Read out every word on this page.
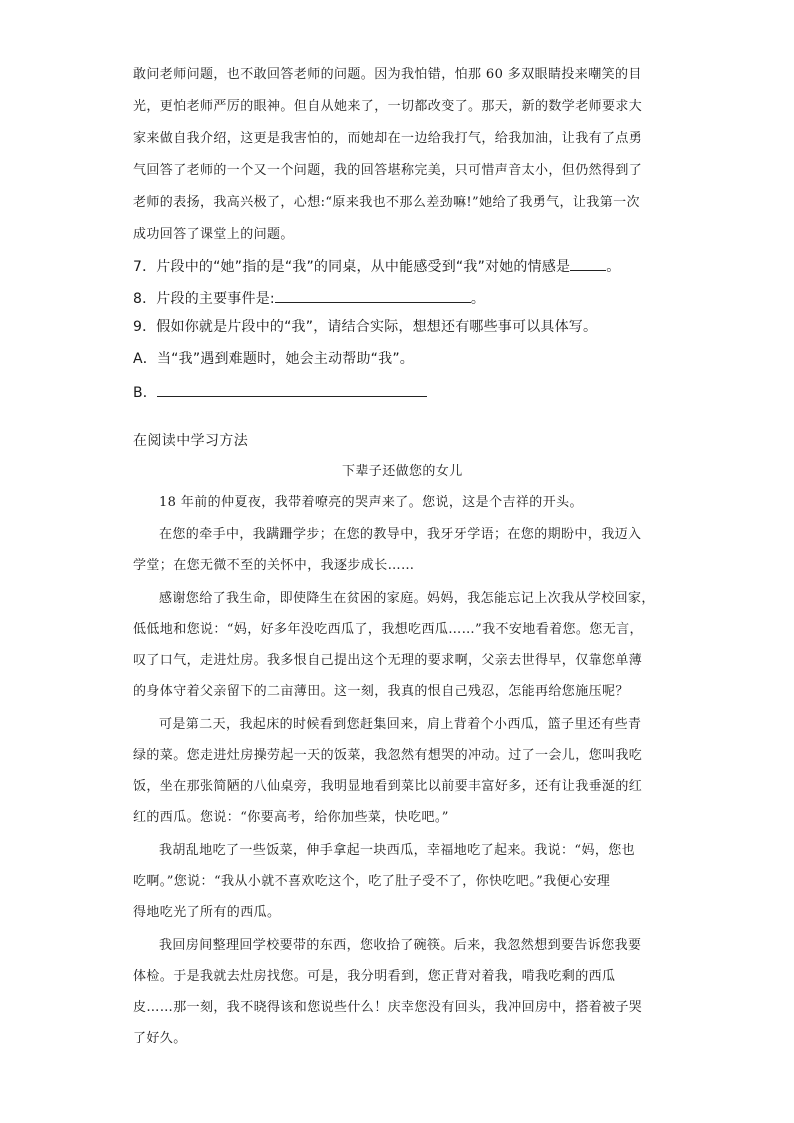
敢问老师问题，也不敢回答老师的问题。因为我怕错，怕那 60 多双眼睛投来嘲笑的目
光，更怕老师严厉的眼神。但自从她来了，一切都改变了。那天，新的数学老师要求大
家来做自我介绍，这更是我害怕的，而她却在一边给我打气，给我加油，让我有了点勇
气回答了老师的一个又一个问题，我的回答堪称完美，只可惜声音太小，但仍然得到了
老师的表扬，我高兴极了，心想:“原来我也不那么差劲嘛!”她给了我勇气，让我第一次
成功回答了课堂上的问题。
7．片段中的“她”指的是“我”的同桌，从中能感受到“我”对她的情感是	。
8．片段的主要事件是:	。
9．假如你就是片段中的“我”，请结合实际，想想还有哪些事可以具体写。
A．当“我”遇到难题时，她会主动帮助“我”。
B．
在阅读中学习方法
下辈子还做您的女儿
18 年前的仲夏夜，我带着嘹亮的哭声来了。您说，这是个吉祥的开头。
在您的牵手中，我蹒跚学步；在您的教导中，我牙牙学语；在您的期盼中，我迈入
学堂；在您无微不至的关怀中，我逐步成长……
感谢您给了我生命，即使降生在贫困的家庭。妈妈，我怎能忘记上次我从学校回家，
低低地和您说：“妈，好多年没吃西瓜了，我想吃西瓜……”我不安地看着您。您无言，
叹了口气，走进灶房。我多恨自己提出这个无理的要求啊，父亲去世得早，仅靠您单薄
的身体守着父亲留下的二亩薄田。这一刻，我真的恨自己残忍，怎能再给您施压呢？
可是第二天，我起床的时候看到您赶集回来，肩上背着个小西瓜，篮子里还有些青
绿的菜。您走进灶房操劳起一天的饭菜，我忽然有想哭的冲动。过了一会儿，您叫我吃
饭，坐在那张简陋的八仙桌旁，我明显地看到菜比以前要丰富好多，还有让我垂涎的红
红的西瓜。您说：“你要高考，给你加些菜，快吃吧。”
我胡乱地吃了一些饭菜，伸手拿起一块西瓜，幸福地吃了起来。我说：“妈，您也
吃啊。”您说：“我从小就不喜欢吃这个，吃了肚子受不了，你快吃吧。”我便心安理
得地吃光了所有的西瓜。
我回房间整理回学校要带的东西，您收拾了碗筷。后来，我忽然想到要告诉您我要
体检。于是我就去灶房找您。可是，我分明看到，您正背对着我，啃我吃剩的西瓜
皮……那一刻，我不晓得该和您说些什么！庆幸您没有回头，我冲回房中，搭着被子哭
了好久。
